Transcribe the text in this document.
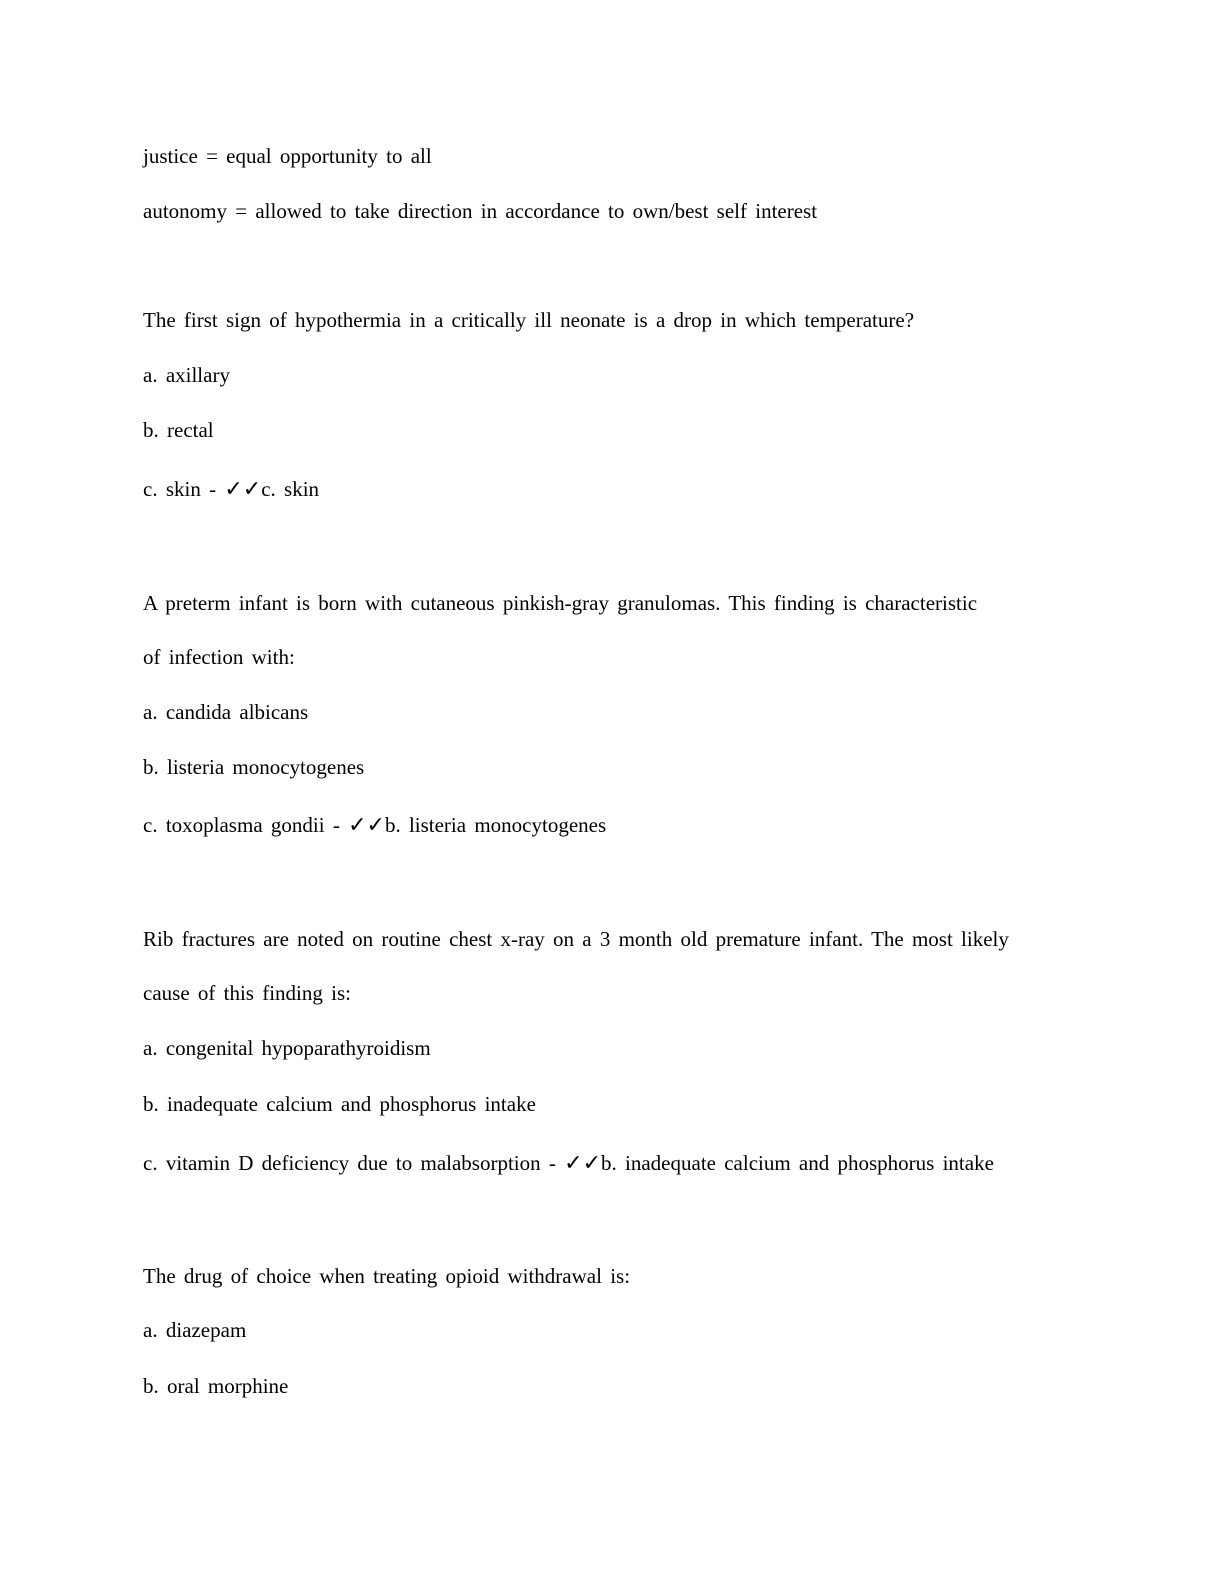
justice = equal opportunity to all
autonomy = allowed to take direction in accordance to own/best self interest
The first sign of hypothermia in a critically ill neonate is a drop in which temperature?
a. axillary
b. rectal
c. skin - ✓✓c. skin
A preterm infant is born with cutaneous pinkish-gray granulomas. This finding is characteristic
of infection with:
a. candida albicans
b. listeria monocytogenes
c. toxoplasma gondii - ✓✓b. listeria monocytogenes
Rib fractures are noted on routine chest x-ray on a 3 month old premature infant. The most likely
cause of this finding is:
a. congenital hypoparathyroidism
b. inadequate calcium and phosphorus intake
c. vitamin D deficiency due to malabsorption - ✓✓b. inadequate calcium and phosphorus intake
The drug of choice when treating opioid withdrawal is:
a. diazepam
b. oral morphine
